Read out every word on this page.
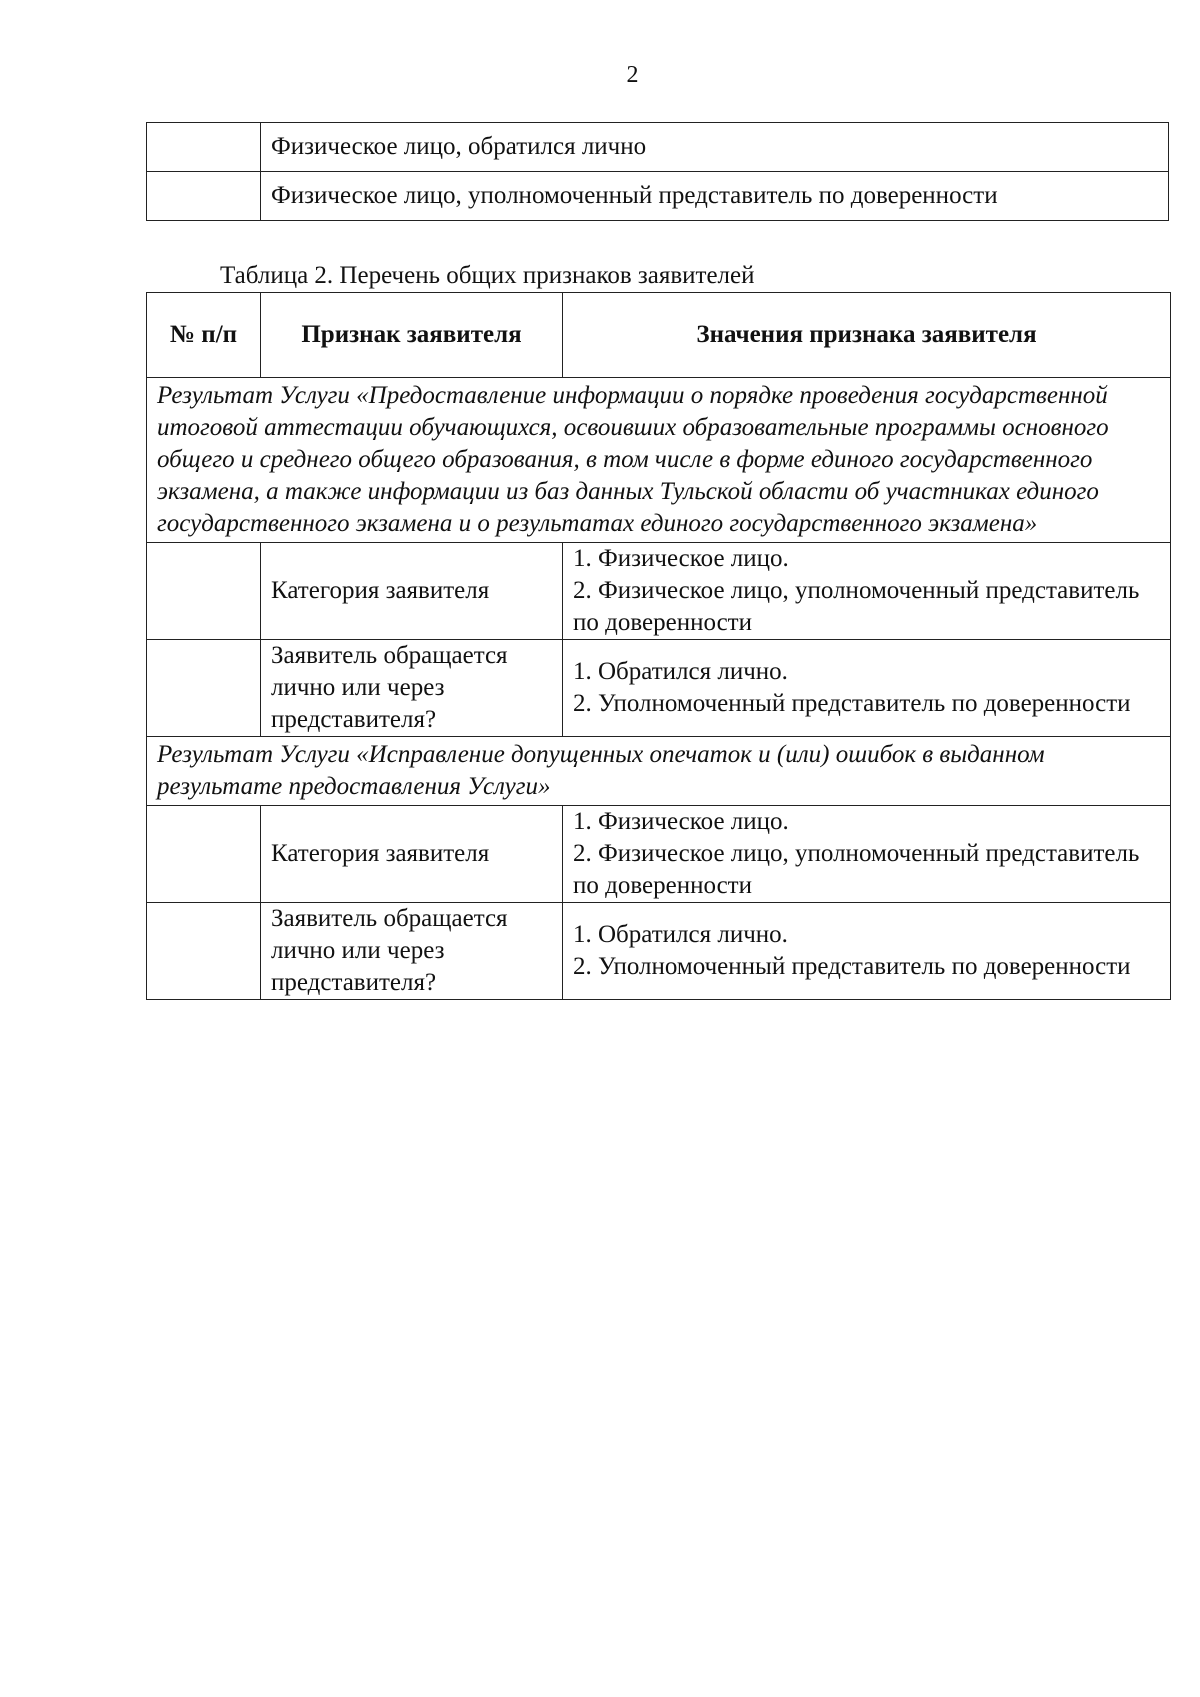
2
	Физическое лицо, обратился лично
	Физическое лицо, уполномоченный представитель по доверенности
Таблица 2. Перечень общих признаков заявителей
№ п/п	Признак заявителя	Значения признака заявителя
Результат Услуги «Предоставление информации о порядке проведения государственной итоговой аттестации обучающихся, освоивших образовательные программы основного общего и среднего общего образования, в том числе в форме единого государственного экзамена, а также информации из баз данных Тульской области об участниках единого государственного экзамена и о результатах единого государственного экзамена»		
	Категория заявителя	1. Физическое лицо.
2. Физическое лицо, уполномоченный представитель по доверенности

	Заявитель обращается лично или через представителя?	1. Обратился лично.
2. Уполномоченный представитель по доверенности

Результат Услуги «Исправление допущенных опечаток и (или) ошибок в выданном результате предоставления Услуги»		
	Категория заявителя	1. Физическое лицо.
2. Физическое лицо, уполномоченный представитель по доверенности

	Заявитель обращается лично или через представителя?	1. Обратился лично.
2. Уполномоченный представитель по доверенности
